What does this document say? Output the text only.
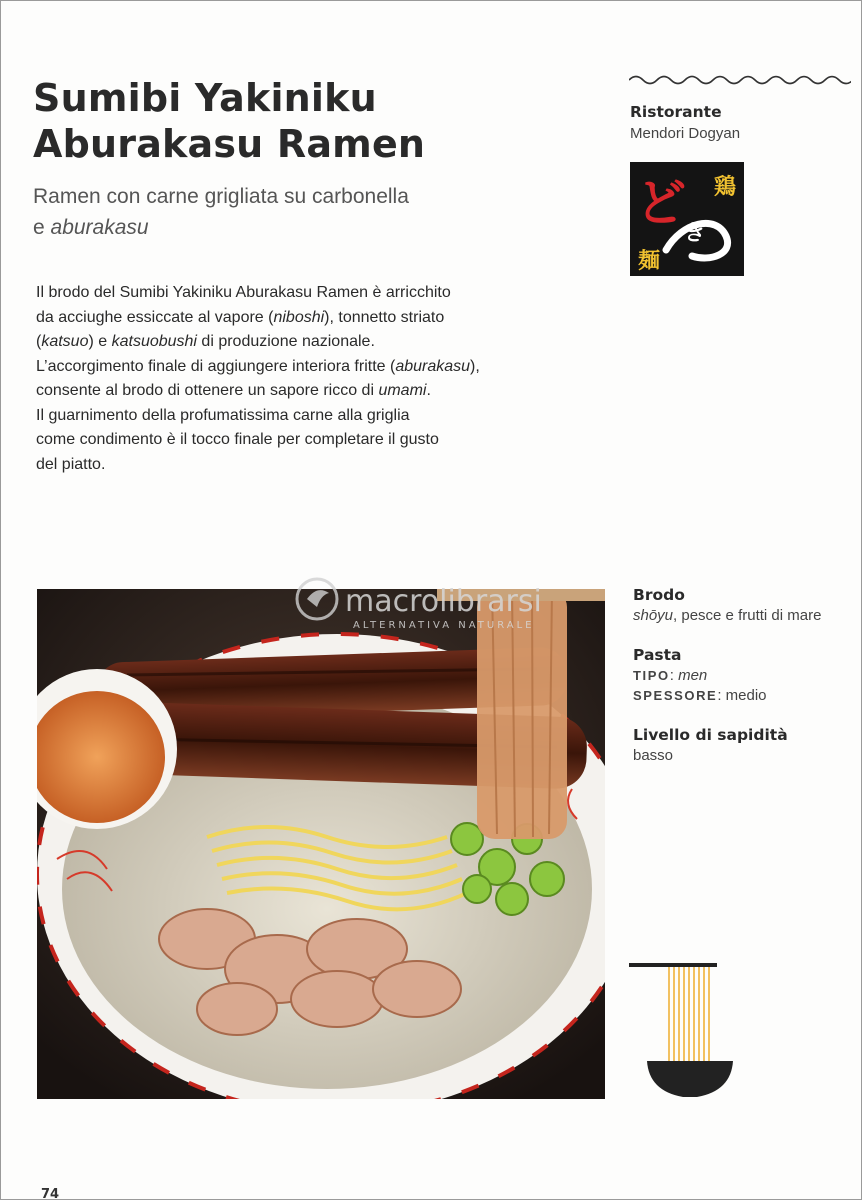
Sumibi Yakiniku
Aburakasu Ramen
Ramen con carne grigliata su carbonella
e aburakasu
Il brodo del Sumibi Yakiniku Aburakasu Ramen è arricchito
da acciughe essiccate al vapore (niboshi), tonnetto striato
(katsuo) e katsuobushi di produzione nazionale.
L’accorgimento finale di aggiungere interiora fritte (aburakasu),
consente al brodo di ottenere un sapore ricco di umami.
Il guarnimento della profumatissima carne alla griglia
come condimento è il tocco finale per completare il gusto
del piatto.
Ristorante
Mendori Dogyan
ど 鶏
ぎ
麺
macrolibrarsi
ALTERNATIVA NATURALE
Brodo
shōyu, pesce e frutti di mare
Pasta
TIPO: men
SPESSORE: medio
Livello di sapidità
basso
74
